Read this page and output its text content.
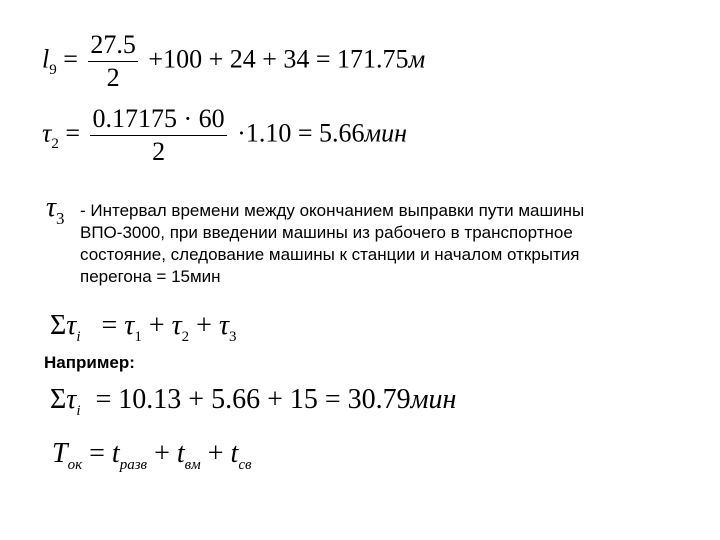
$l_9 = \frac{27.5}{2} +100 + 24 + 34 = 171.75м$
$\tau_2 = \frac{0.17175 \cdot 60}{2} \cdot 1.10 = 5.66мин$
$\tau_3$ - Интервал времени между окончанием выправки пути машины
ВПО-3000, при введении машины из рабочего в транспортное
состояние, следование машины к станции и началом открытия
перегона = 15мин
$\Sigma\tau_i = \tau_1 + \tau_2 + \tau_3$
Например:
$\Sigma\tau_i = 10.13 + 5.66 + 15 = 30.79мин$
$T_{ок} = t_{разв} + t_{вм} + t_{св}$
